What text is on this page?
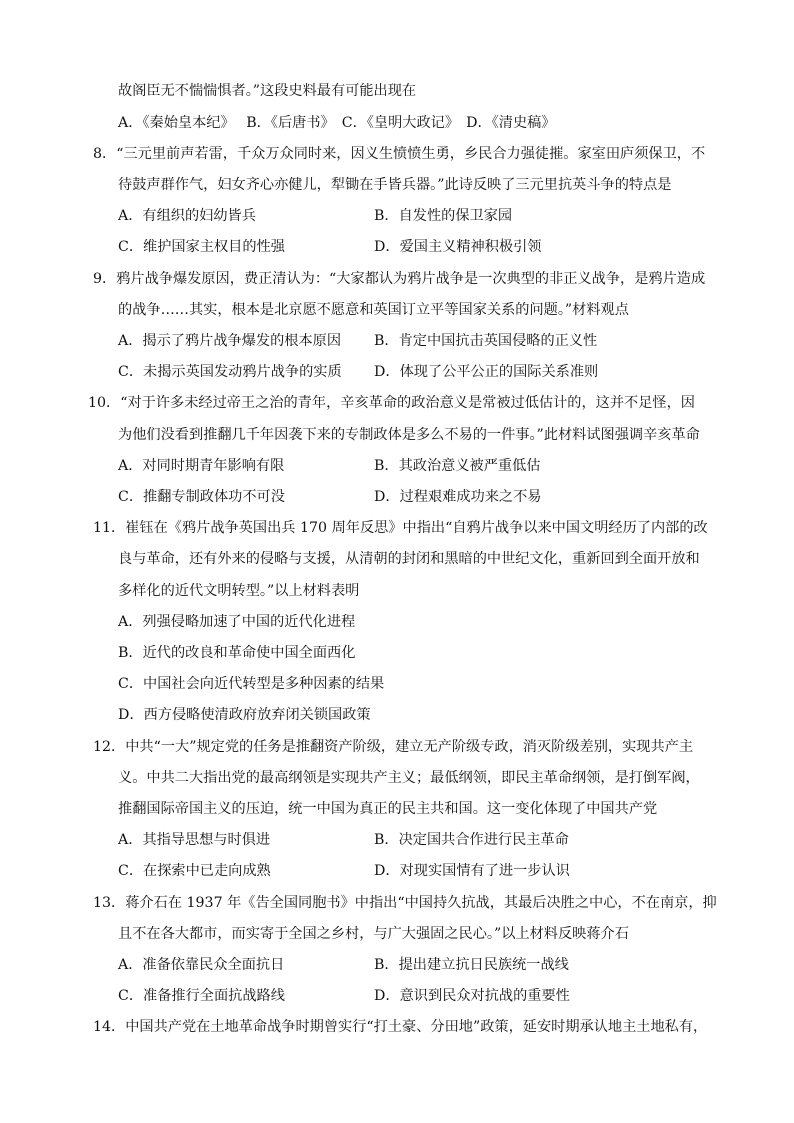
故阁臣无不惴惴惧者。”这段史料最有可能出现在
A．《秦始皇本纪》　 B．《后唐书》　C．《皇明大政记》　D．《清史稿》
8．“三元里前声若雷，千众万众同时来，因义生愤愤生勇，乡民合力强徒摧。家室田庐须保卫，不
待鼓声群作气，妇女齐心亦健儿，犁锄在手皆兵器。”此诗反映了三元里抗英斗争的特点是
A．有组织的妇幼皆兵	B．自发性的保卫家园
C．维护国家主权目的性强	D．爱国主义精神积极引领
9．鸦片战争爆发原因，费正清认为：“大家都认为鸦片战争是一次典型的非正义战争，是鸦片造成
的战争……其实，根本是北京愿不愿意和英国订立平等国家关系的问题。”材料观点
A．揭示了鸦片战争爆发的根本原因 B．肯定中国抗击英国侵略的正义性
C．未揭示英国发动鸦片战争的实质 D．体现了公平公正的国际关系准则
10．“对于许多未经过帝王之治的青年，辛亥革命的政治意义是常被过低估计的，这并不足怪，因
为他们没看到推翻几千年因袭下来的专制政体是多么不易的一件事。”此材料试图强调辛亥革命
A．对同时期青年影响有限	B．其政治意义被严重低估
C．推翻专制政体功不可没	D．过程艰难成功来之不易
11．崔钰在《鸦片战争英国出兵 170 周年反思》中指出“自鸦片战争以来中国文明经历了内部的改
良与革命，还有外来的侵略与支援，从清朝的封闭和黑暗的中世纪文化，重新回到全面开放和
多样化的近代文明转型。”以上材料表明
A．列强侵略加速了中国的近代化进程
B．近代的改良和革命使中国全面西化
C．中国社会向近代转型是多种因素的结果
D．西方侵略使清政府放弃闭关锁国政策
12．中共“一大”规定党的任务是推翻资产阶级，建立无产阶级专政，消灭阶级差别，实现共产主
义。中共二大指出党的最高纲领是实现共产主义；最低纲领，即民主革命纲领，是打倒军阀，
推翻国际帝国主义的压迫，统一中国为真正的民主共和国。这一变化体现了中国共产党
A．其指导思想与时俱进	B．决定国共合作进行民主革命
C．在探索中已走向成熟	D．对现实国情有了进一步认识
13．蒋介石在 1937 年《告全国同胞书》中指出“中国持久抗战，其最后决胜之中心，不在南京，抑
且不在各大都市，而实寄于全国之乡村，与广大强固之民心。”以上材料反映蒋介石
A．准备依靠民众全面抗日	B．提出建立抗日民族统一战线
C．准备推行全面抗战路线	D．意识到民众对抗战的重要性
14．中国共产党在土地革命战争时期曾实行“打土豪、分田地”政策，延安时期承认地主土地私有，
